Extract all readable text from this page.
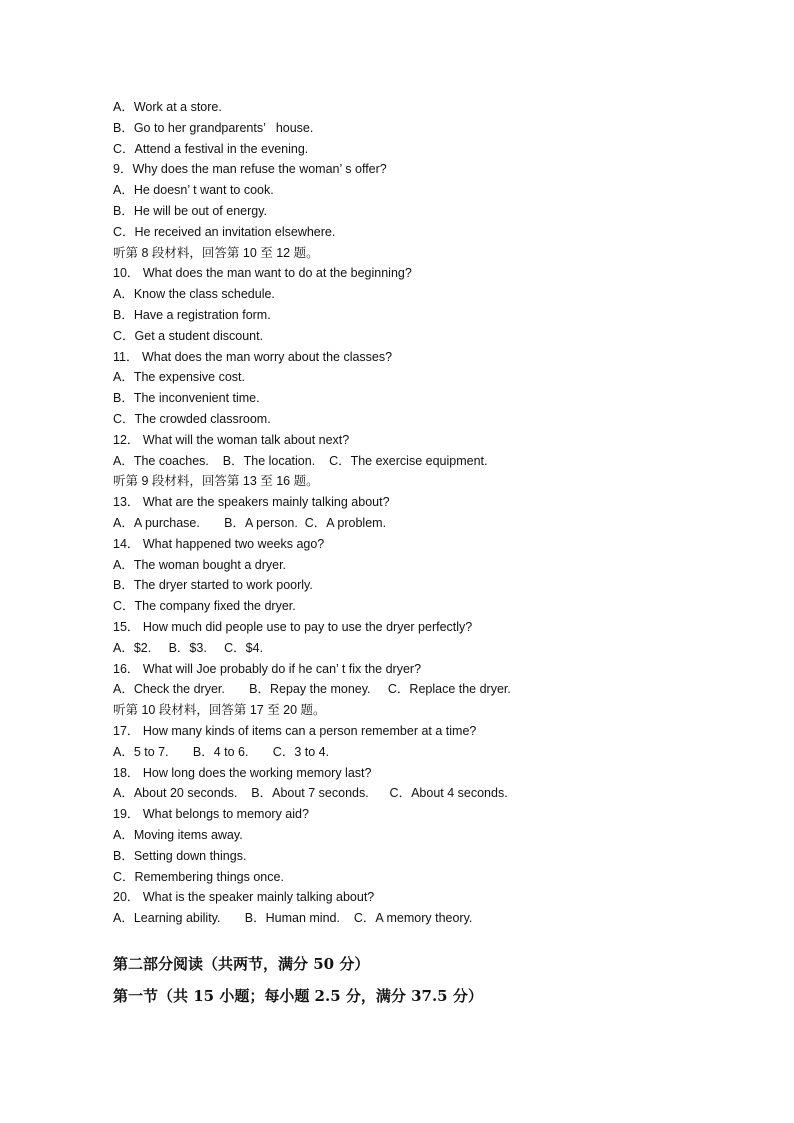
A．Work at a store.
B．Go to her grandparents’   house.
C．Attend a festival in the evening.
9．Why does the man refuse the woman’ s offer?
A．He doesn’ t want to cook.
B．He will be out of energy.
C．He received an invitation elsewhere.
听第 8 段材料，回答第 10 至 12 题。
10． What does the man want to do at the beginning?
A．Know the class schedule.
B．Have a registration form.
C．Get a student discount.
11． What does the man worry about the classes?
A．The expensive cost.
B．The inconvenient time.
C．The crowded classroom.
12． What will the woman talk about next?
A．The coaches.    B．The location.    C．The exercise equipment.
听第 9 段材料，回答第 13 至 16 题。
13． What are the speakers mainly talking about?
A．A purchase.       B．A person.  C．A problem.
14． What happened two weeks ago?
A．The woman bought a dryer.
B．The dryer started to work poorly.
C．The company fixed the dryer.
15． How much did people use to pay to use the dryer perfectly?
A．$2.     B．$3.     C．$4.
16． What will Joe probably do if he can’ t fix the dryer?
A．Check the dryer.       B．Repay the money.     C．Replace the dryer.
听第 10 段材料，回答第 17 至 20 题。
17． How many kinds of items can a person remember at a time?
A．5 to 7.       B．4 to 6.       C．3 to 4.
18． How long does the working memory last?
A．About 20 seconds.    B．About 7 seconds.      C．About 4 seconds.
19． What belongs to memory aid?
A．Moving items away.
B．Setting down things.
C．Remembering things once.
20． What is the speaker mainly talking about?
A．Learning ability.       B．Human mind.    C．A memory theory.
第二部分阅读（共两节，满分 50 分）
第一节（共 15 小题；每小题 2.5 分，满分 37.5 分）
